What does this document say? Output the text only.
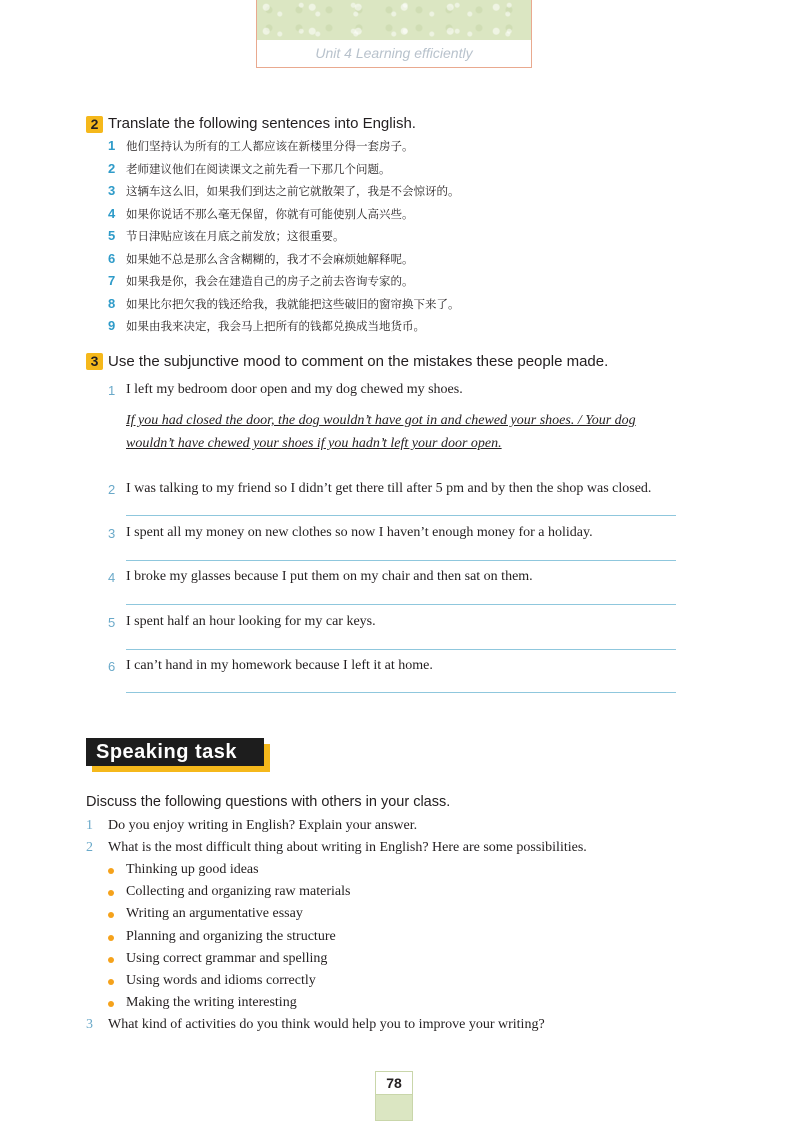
Unit 4 Learning efficiently
2 Translate the following sentences into English.
1 他们坚持认为所有的工人都应该在新楼里分得一套房子。
2 老师建议他们在阅读课文之前先看一下那几个问题。
3 这辆车这么旧，如果我们到达之前它就散架了，我是不会惊讶的。
4 如果你说话不那么毫无保留，你就有可能使别人高兴些。
5 节日津贴应该在月底之前发放；这很重要。
6 如果她不总是那么含含糊糊的，我才不会麻烦她解释呢。
7 如果我是你，我会在建造自己的房子之前去咨询专家的。
8 如果比尔把欠我的钱还给我，我就能把这些破旧的窗帘换下来了。
9 如果由我来决定，我会马上把所有的钱都兑换成当地货币。
3 Use the subjunctive mood to comment on the mistakes these people made.
1 I left my bedroom door open and my dog chewed my shoes.
If you had closed the door, the dog wouldn’t have got in and chewed your shoes. / Your dog
wouldn’t have chewed your shoes if you hadn’t left your door open.
2 I was talking to my friend so I didn’t get there till after 5 pm and by then the shop was closed.
3 I spent all my money on new clothes so now I haven’t enough money for a holiday.
4 I broke my glasses because I put them on my chair and then sat on them.
5 I spent half an hour looking for my car keys.
6 I can’t hand in my homework because I left it at home.
Speaking task
Discuss the following questions with others in your class.
1 Do you enjoy writing in English? Explain your answer.
2 What is the most difficult thing about writing in English? Here are some possibilities.
Thinking up good ideas
Collecting and organizing raw materials
Writing an argumentative essay
Planning and organizing the structure
Using correct grammar and spelling
Using words and idioms correctly
Making the writing interesting
3 What kind of activities do you think would help you to improve your writing?
78
